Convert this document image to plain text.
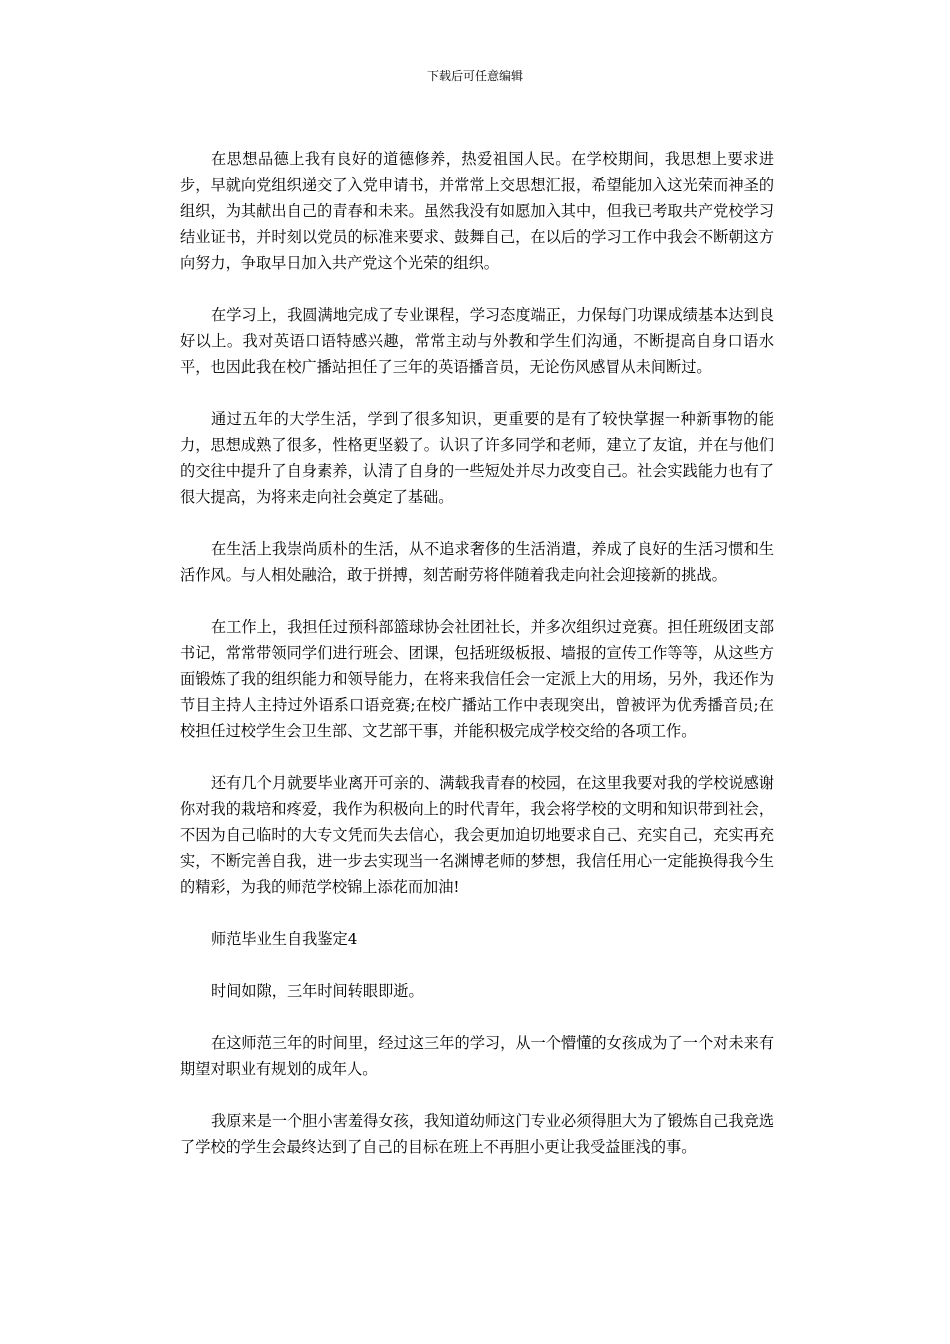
下载后可任意编辑

在思想品德上我有良好的道德修养，热爱祖国人民。在学校期间，我思想上要求进步，早就向党组织递交了入党申请书，并常常上交思想汇报，希望能加入这光荣而神圣的组织，为其献出自己的青春和未来。虽然我没有如愿加入其中，但我已考取共产党校学习结业证书，并时刻以党员的标准来要求、鼓舞自己，在以后的学习工作中我会不断朝这方向努力，争取早日加入共产党这个光荣的组织。

在学习上，我圆满地完成了专业课程，学习态度端正，力保每门功课成绩基本达到良好以上。我对英语口语特感兴趣，常常主动与外教和学生们沟通，不断提高自身口语水平，也因此我在校广播站担任了三年的英语播音员，无论伤风感冒从未间断过。

通过五年的大学生活，学到了很多知识，更重要的是有了较快掌握一种新事物的能力，思想成熟了很多，性格更坚毅了。认识了许多同学和老师，建立了友谊，并在与他们的交往中提升了自身素养，认清了自身的一些短处并尽力改变自己。社会实践能力也有了很大提高，为将来走向社会奠定了基础。

在生活上我崇尚质朴的生活，从不追求奢侈的生活消遣，养成了良好的生活习惯和生活作风。与人相处融洽，敢于拼搏，刻苦耐劳将伴随着我走向社会迎接新的挑战。

在工作上，我担任过预科部篮球协会社团社长，并多次组织过竞赛。担任班级团支部书记，常常带领同学们进行班会、团课，包括班级板报、墙报的宣传工作等等，从这些方面锻炼了我的组织能力和领导能力，在将来我信任会一定派上大的用场，另外，我还作为节目主持人主持过外语系口语竞赛;在校广播站工作中表现突出，曾被评为优秀播音员;在校担任过校学生会卫生部、文艺部干事，并能积极完成学校交给的各项工作。

还有几个月就要毕业离开可亲的、满载我青春的校园，在这里我要对我的学校说感谢你对我的栽培和疼爱，我作为积极向上的时代青年，我会将学校的文明和知识带到社会，不因为自己临时的大专文凭而失去信心，我会更加迫切地要求自己、充实自己，充实再充实，不断完善自我，进一步去实现当一名渊博老师的梦想，我信任用心一定能换得我今生的精彩，为我的师范学校锦上添花而加油!

师范毕业生自我鉴定4

时间如隙，三年时间转眼即逝。

在这师范三年的时间里，经过这三年的学习，从一个懵懂的女孩成为了一个对未来有期望对职业有规划的成年人。

我原来是一个胆小害羞得女孩，我知道幼师这门专业必须得胆大为了锻炼自己我竞选了学校的学生会最终达到了自己的目标在班上不再胆小更让我受益匪浅的事。
